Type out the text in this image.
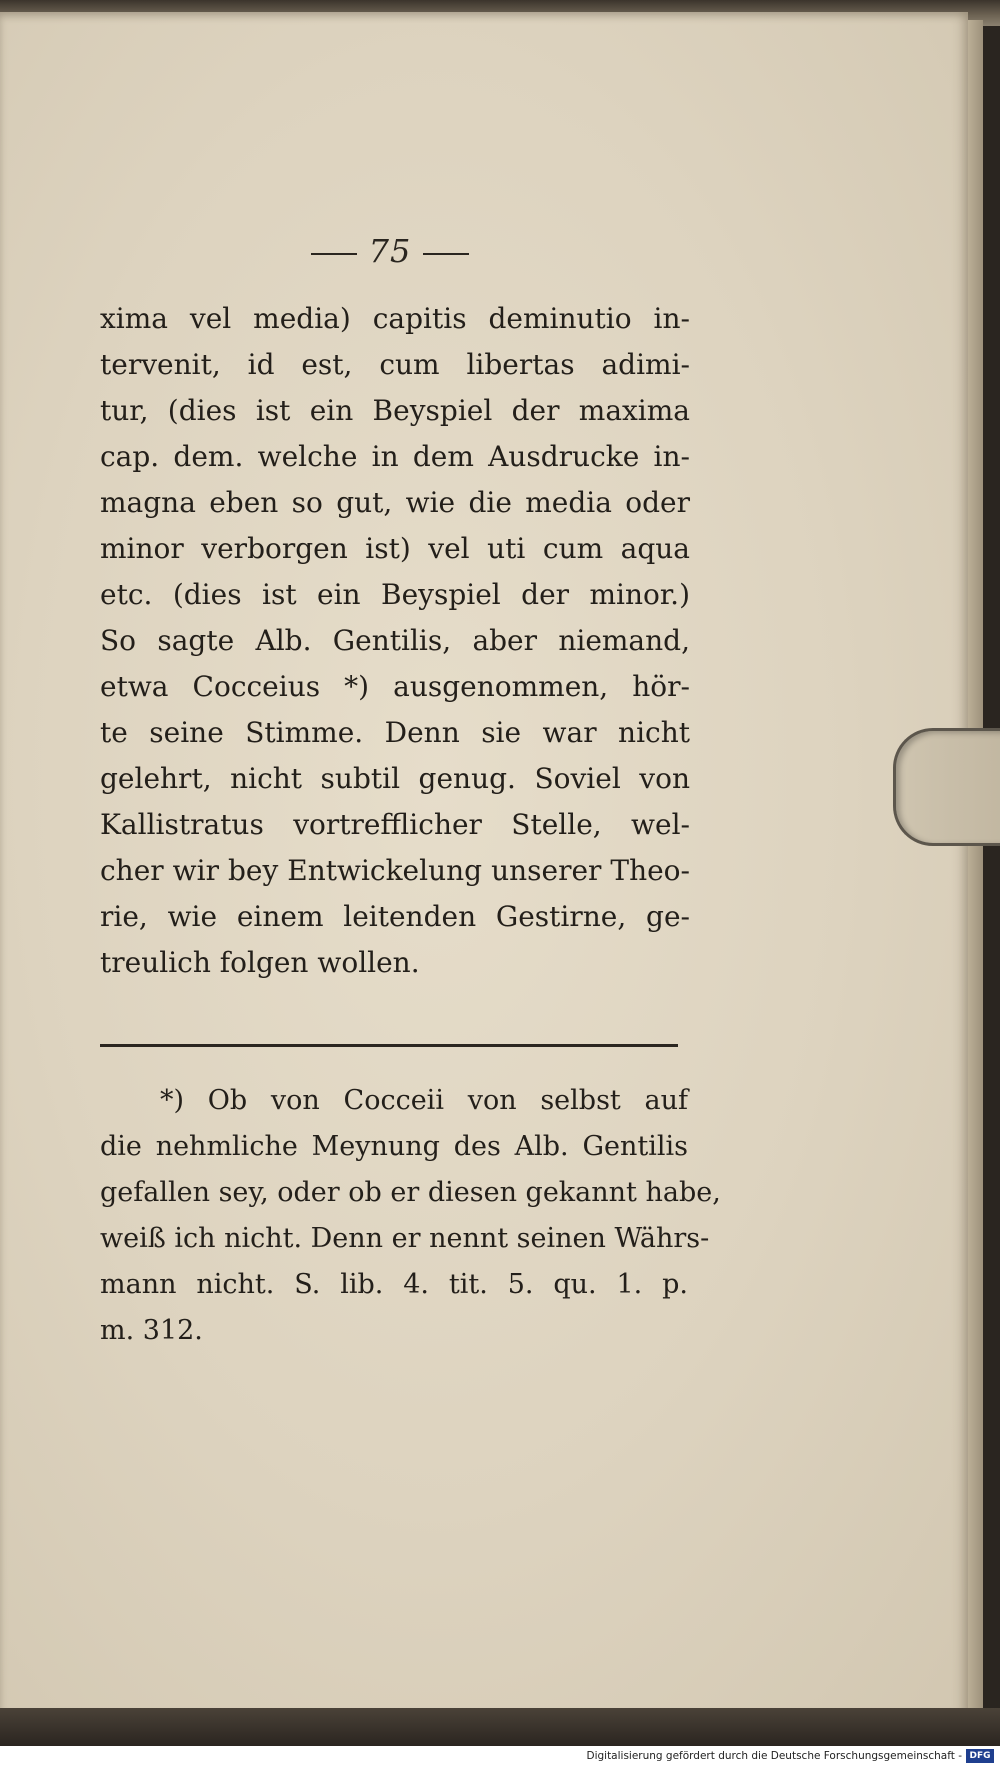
75
xima vel media) capitis deminutio in-
tervenit, id est, cum libertas adimi-
tur, (dies ist ein Beyspiel der maxima
cap. dem. welche in dem Ausdrucke in-
magna eben so gut, wie die media oder
minor verborgen ist) vel uti cum aqua
etc. (dies ist ein Beyspiel der minor.)
So sagte Alb. Gentilis, aber niemand,
etwa Cocceius *) ausgenommen, hör-
te seine Stimme. Denn sie war nicht
gelehrt, nicht subtil genug. Soviel von
Kallistratus vortrefflicher Stelle, wel-
cher wir bey Entwickelung unserer Theo-
rie, wie einem leitenden Gestirne, ge-
treulich folgen wollen.
*) Ob von Cocceii von selbst auf
die nehmliche Meynung des Alb. Gentilis
gefallen sey, oder ob er diesen gekannt habe,
weiß ich nicht. Denn er nennt seinen Währs-
mann nicht. S. lib. 4. tit. 5. qu. 1. p.
m. 312.
Digitalisierung gefördert durch die Deutsche Forschungsgemeinschaft - DFG
